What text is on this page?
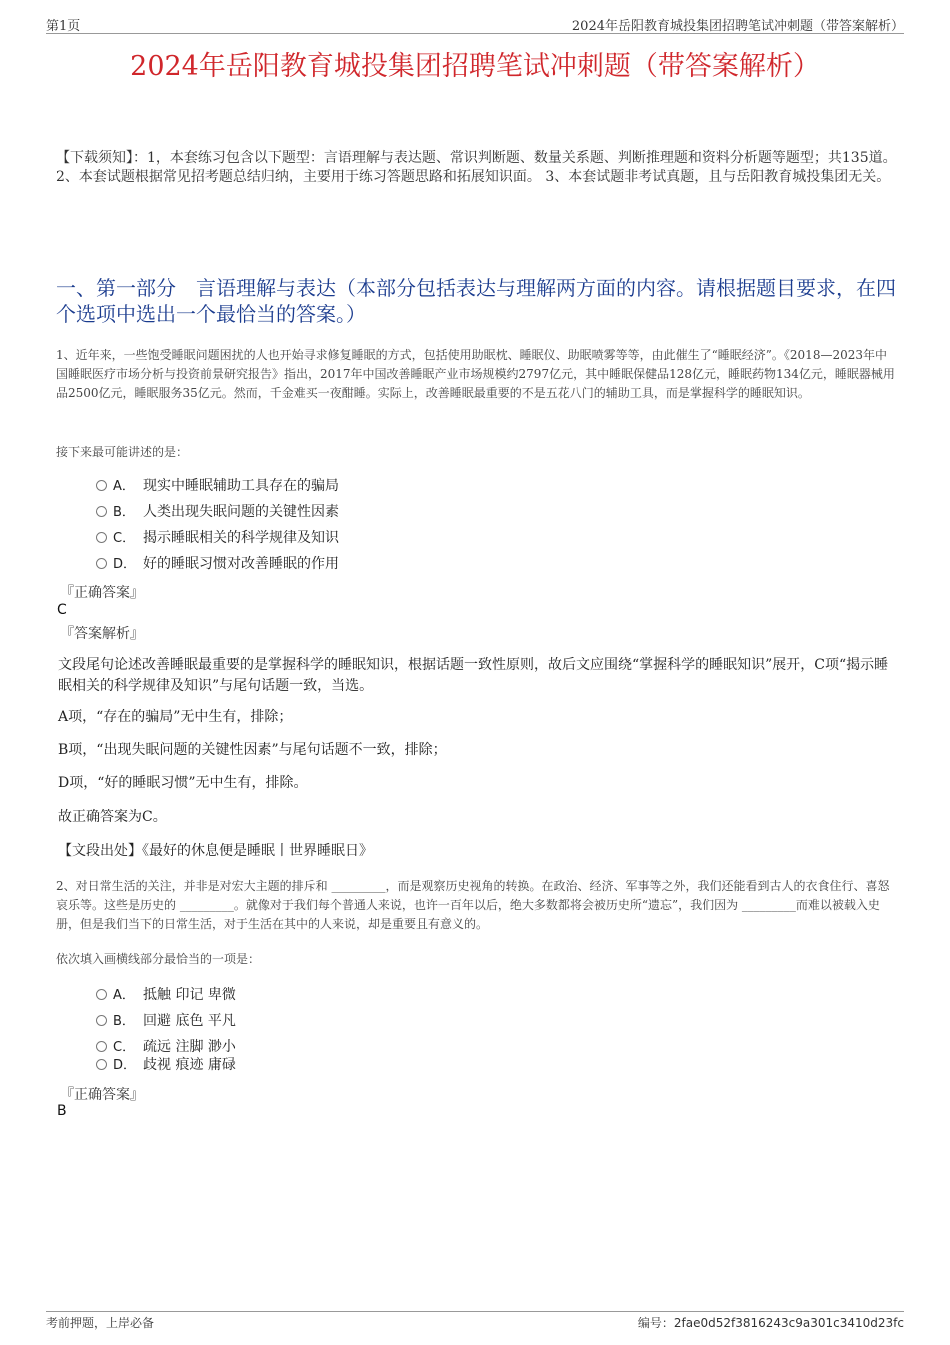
第1页	2024年岳阳教育城投集团招聘笔试冲刺题（带答案解析）
2024年岳阳教育城投集团招聘笔试冲刺题（带答案解析）
【下载须知】：1，本套练习包含以下题型：言语理解与表达题、常识判断题、数量关系题、判断推理题和资料分析题等题型；共135道。 2、本套试题根据常见招考题总结归纳，主要用于练习答题思路和拓展知识面。 3、本套试题非考试真题，且与岳阳教育城投集团无关。
一、第一部分　言语理解与表达（本部分包括表达与理解两方面的内容。请根据题目要求，在四个选项中选出一个最恰当的答案。）
1、近年来，一些饱受睡眠问题困扰的人也开始寻求修复睡眠的方式，包括使用助眠枕、睡眠仪、助眠喷雾等等，由此催生了“睡眠经济”。《2018—2023年中国睡眠医疗市场分析与投资前景研究报告》指出，2017年中国改善睡眠产业市场规模约2797亿元，其中睡眠保健品128亿元，睡眠药物134亿元，睡眠器械用品2500亿元，睡眠服务35亿元。然而，千金难买一夜酣睡。实际上，改善睡眠最重要的不是五花八门的辅助工具，而是掌握科学的睡眠知识。
接下来最可能讲述的是：
A． 现实中睡眠辅助工具存在的骗局
B． 人类出现失眠问题的关键性因素
C． 揭示睡眠相关的科学规律及知识
D． 好的睡眠习惯对改善睡眠的作用
『正确答案』
C
『答案解析』
文段尾句论述改善睡眠最重要的是掌握科学的睡眠知识，根据话题一致性原则，故后文应围绕“掌握科学的睡眠知识”展开，C项“揭示睡眠相关的科学规律及知识”与尾句话题一致，当选。
A项，“存在的骗局”无中生有，排除；
B项，“出现失眠问题的关键性因素”与尾句话题不一致，排除；
D项，“好的睡眠习惯”无中生有，排除。
故正确答案为C。
【文段出处】《最好的休息便是睡眠丨世界睡眠日》
2、对日常生活的关注，并非是对宏大主题的排斥和 _________，而是观察历史视角的转换。在政治、经济、军事等之外，我们还能看到古人的衣食住行、喜怒哀乐等。这些是历史的 _________。就像对于我们每个普通人来说，也许一百年以后，绝大多数都将会被历史所“遗忘”，我们因为 _________而难以被载入史册，但是我们当下的日常生活，对于生活在其中的人来说，却是重要且有意义的。
依次填入画横线部分最恰当的一项是：
A． 抵触 印记 卑微
B． 回避 底色 平凡
C． 疏远 注脚 渺小
D． 歧视 痕迹 庸碌
『正确答案』
B
考前押题，上岸必备	编号：2fae0d52f3816243c9a301c3410d23fc
